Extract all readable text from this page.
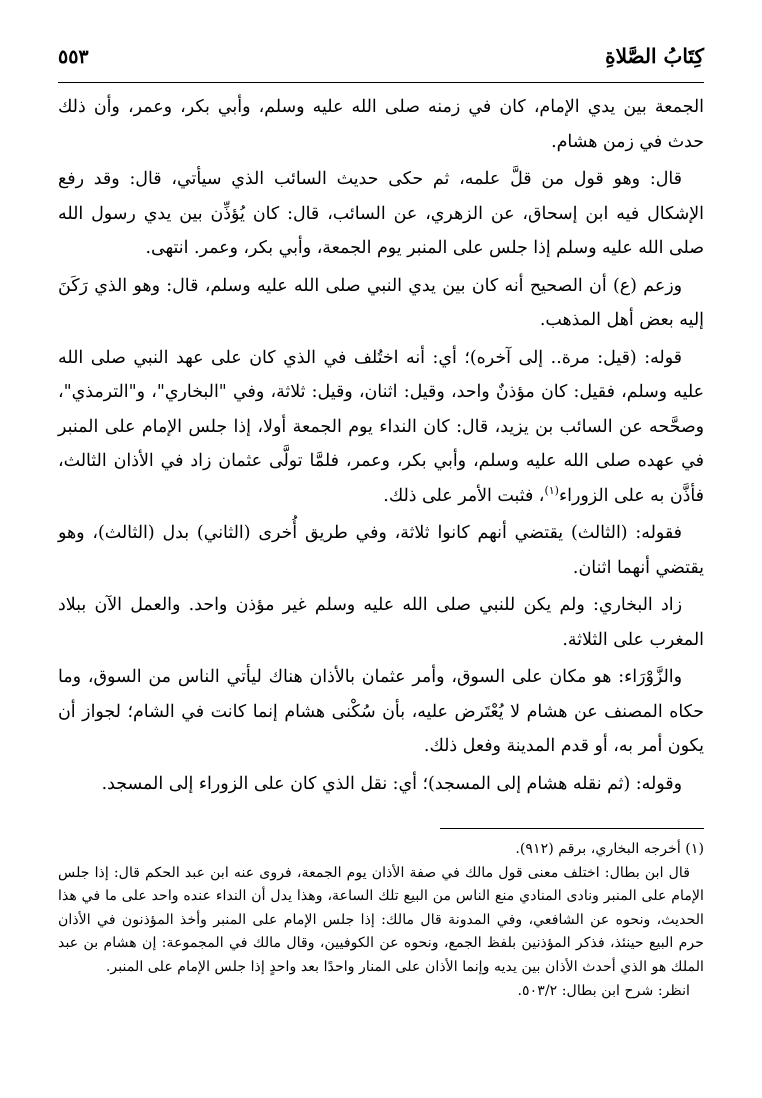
كِتَابُ الصَّلاةِ
٥٥٣

الجمعة بين يدي الإمام، كان في زمنه صلى الله عليه وسلم، وأبي بكر، وعمر، وأن ذلك حدث في زمن هشام.

قال: وهو قول من قلَّ علمه، ثم حكى حديث السائب الذي سيأتي، قال: وقد رفع الإشكال فيه ابن إسحاق، عن الزهري، عن السائب، قال: كان يُؤذِّن بين يدي رسول الله صلى الله عليه وسلم إذا جلس على المنبر يوم الجمعة، وأبي بكر، وعمر. انتهى.

وزعم (ع) أن الصحيح أنه كان بين يدي النبي صلى الله عليه وسلم، قال: وهو الذي رَكَنَ إليه بعض أهل المذهب.

قوله: (قيل: مرة.. إلى آخره)؛ أي: أنه اختُلف في الذي كان على عهد النبي صلى الله عليه وسلم، فقيل: كان مؤذنٌ واحد، وقيل: اثنان، وقيل: ثلاثة، وفي "البخاري"، و"الترمذي"، وصحَّحه عن السائب بن يزيد، قال: كان النداء يوم الجمعة أولا، إذا جلس الإمام على المنبر في عهده صلى الله عليه وسلم، وأبي بكر، وعمر، فلمَّا تولَّى عثمان زاد في الأذان الثالث، فأذَّن به على الزوراء$^{(١)}$، فثبت الأمر على ذلك.

فقوله: (الثالث) يقتضي أنهم كانوا ثلاثة، وفي طريق أُخرى (الثاني) بدل (الثالث)، وهو يقتضي أنهما اثنان.

زاد البخاري: ولم يكن للنبي صلى الله عليه وسلم غير مؤذن واحد. والعمل الآن ببلاد المغرب على الثلاثة.

والزَّوْرَاء: هو مكان على السوق، وأمر عثمان بالأذان هناك ليأتي الناس من السوق، وما حكاه المصنف عن هشام لا يُعْتَرض عليه، بأن سُكْنى هشام إنما كانت في الشام؛ لجواز أن يكون أمر به، أو قدم المدينة وفعل ذلك.

وقوله: (ثم نقله هشام إلى المسجد)؛ أي: نقل الذي كان على الزوراء إلى المسجد.

(١) أخرجه البخاري، برقم (٩١٢).

قال ابن بطال: اختلف معنى قول مالك في صفة الأذان يوم الجمعة، فروى عنه ابن عبد الحكم قال: إذا جلس الإمام على المنبر ونادى المنادي منع الناس من البيع تلك الساعة، وهذا يدل أن النداء عنده واحد على ما في هذا الحديث، ونحوه عن الشافعي، وفي المدونة قال مالك: إذا جلس الإمام على المنبر وأخذ المؤذنون في الأذان حرم البيع حينئذ، فذكر المؤذنين بلفظ الجمع، ونحوه عن الكوفيين، وقال مالك في المجموعة: إن هشام بن عبد الملك هو الذي أحدث الأذان بين يديه وإنما الأذان على المنار واحدًا بعد واحدٍ إذا جلس الإمام على المنبر.

انظر: شرح ابن بطال: ٥٠٣/٢.
